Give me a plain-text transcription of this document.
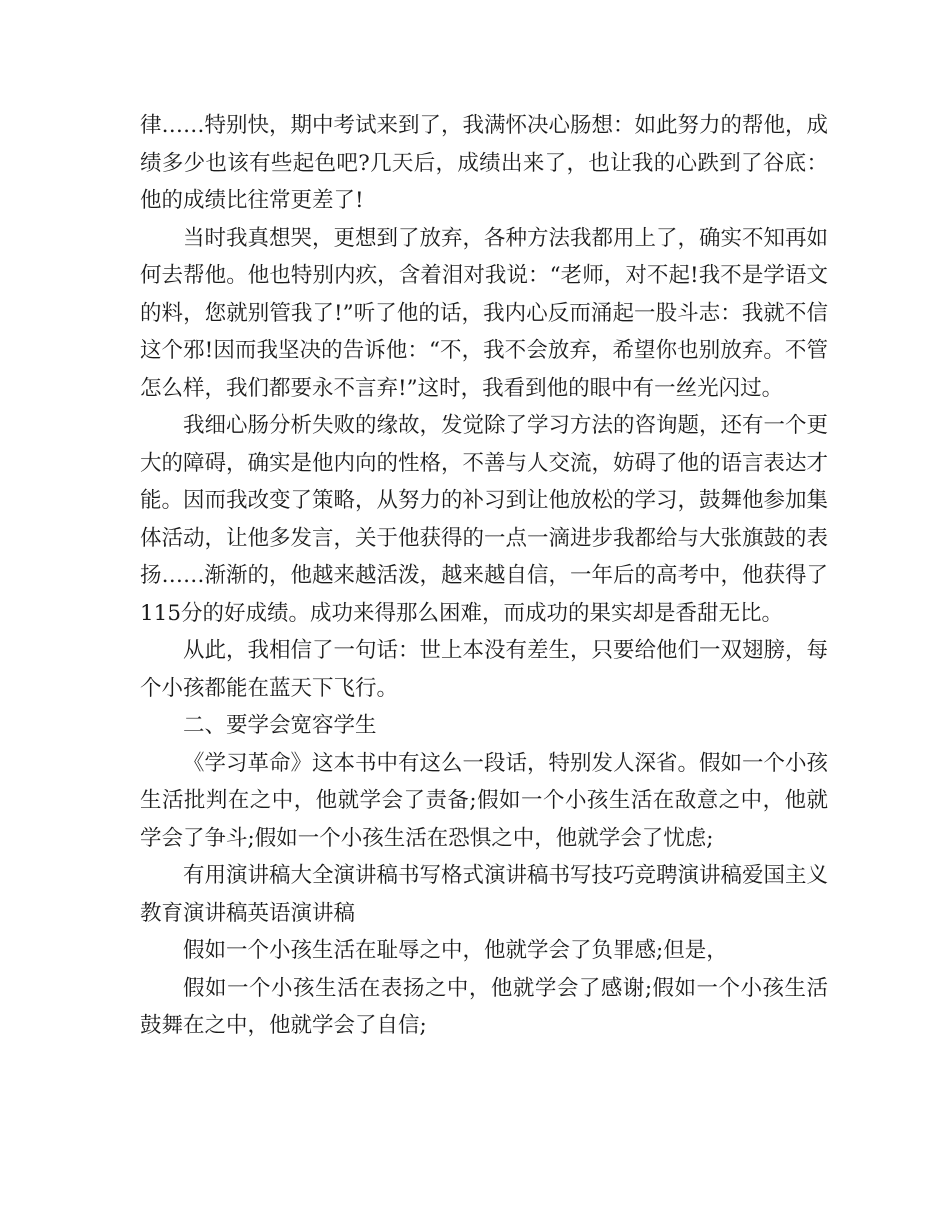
律……特别快，期中考试来到了，我满怀决心肠想：如此努力的帮他，成绩多少也该有些起色吧?几天后，成绩出来了，也让我的心跌到了谷底：他的成绩比往常更差了!

当时我真想哭，更想到了放弃，各种方法我都用上了，确实不知再如何去帮他。他也特别内疚，含着泪对我说：“老师，对不起!我不是学语文的料，您就别管我了!”听了他的话，我内心反而涌起一股斗志：我就不信这个邪!因而我坚决的告诉他：“不，我不会放弃，希望你也别放弃。不管怎么样，我们都要永不言弃!”这时，我看到他的眼中有一丝光闪过。

我细心肠分析失败的缘故，发觉除了学习方法的咨询题，还有一个更大的障碍，确实是他内向的性格，不善与人交流，妨碍了他的语言表达才能。因而我改变了策略，从努力的补习到让他放松的学习，鼓舞他参加集体活动，让他多发言，关于他获得的一点一滴进步我都给与大张旗鼓的表扬……渐渐的，他越来越活泼，越来越自信，一年后的高考中，他获得了115分的好成绩。成功来得那么困难，而成功的果实却是香甜无比。

从此，我相信了一句话：世上本没有差生，只要给他们一双翅膀，每个小孩都能在蓝天下飞行。

二、要学会宽容学生

《学习革命》这本书中有这么一段话，特别发人深省。假如一个小孩生活批判在之中，他就学会了责备;假如一个小孩生活在敌意之中，他就学会了争斗;假如一个小孩生活在恐惧之中，他就学会了忧虑;

有用演讲稿大全演讲稿书写格式演讲稿书写技巧竞聘演讲稿爱国主义教育演讲稿英语演讲稿

假如一个小孩生活在耻辱之中，他就学会了负罪感;但是，

假如一个小孩生活在表扬之中，他就学会了感谢;假如一个小孩生活鼓舞在之中，他就学会了自信;
